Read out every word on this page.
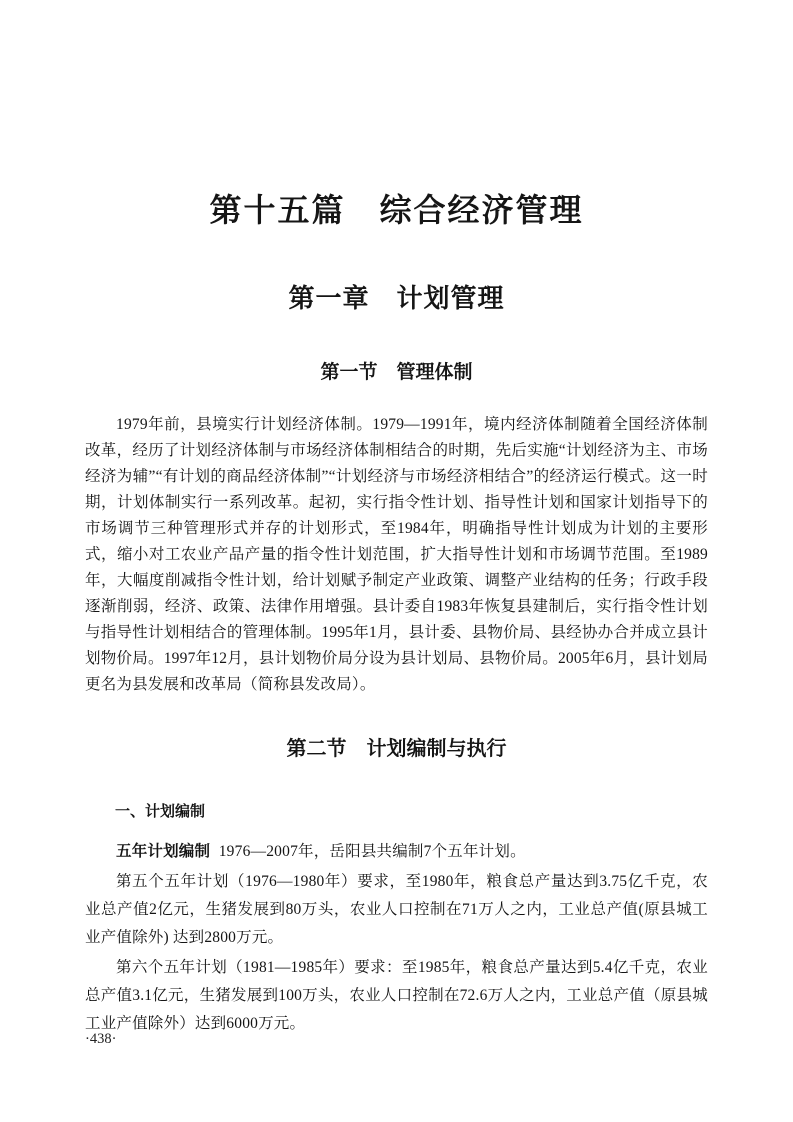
第十五篇　综合经济管理
第一章　计划管理
第一节　管理体制

1979年前，县境实行计划经济体制。1979—1991年，境内经济体制随着全国经济体制改革，经历了计划经济体制与市场经济体制相结合的时期，先后实施“计划经济为主、市场经济为辅”“有计划的商品经济体制”“计划经济与市场经济相结合”的经济运行模式。这一时期，计划体制实行一系列改革。起初，实行指令性计划、指导性计划和国家计划指导下的市场调节三种管理形式并存的计划形式，至1984年，明确指导性计划成为计划的主要形式，缩小对工农业产品产量的指令性计划范围，扩大指导性计划和市场调节范围。至1989年，大幅度削减指令性计划，给计划赋予制定产业政策、调整产业结构的任务；行政手段逐渐削弱，经济、政策、法律作用增强。县计委自1983年恢复县建制后，实行指令性计划与指导性计划相结合的管理体制。1995年1月，县计委、县物价局、县经协办合并成立县计划物价局。1997年12月，县计划物价局分设为县计划局、县物价局。2005年6月，县计划局更名为县发展和改革局（简称县发改局）。

第二节　计划编制与执行
一、计划编制

五年计划编制 1976—2007年，岳阳县共编制7个五年计划。

第五个五年计划（1976—1980年）要求，至1980年，粮食总产量达到3.75亿千克，农业总产值2亿元，生猪发展到80万头，农业人口控制在71万人之内，工业总产值(原县城工业产值除外) 达到2800万元。

第六个五年计划（1981—1985年）要求：至1985年，粮食总产量达到5.4亿千克，农业总产值3.1亿元，生猪发展到100万头，农业人口控制在72.6万人之内，工业总产值（原县城工业产值除外）达到6000万元。

·438·
